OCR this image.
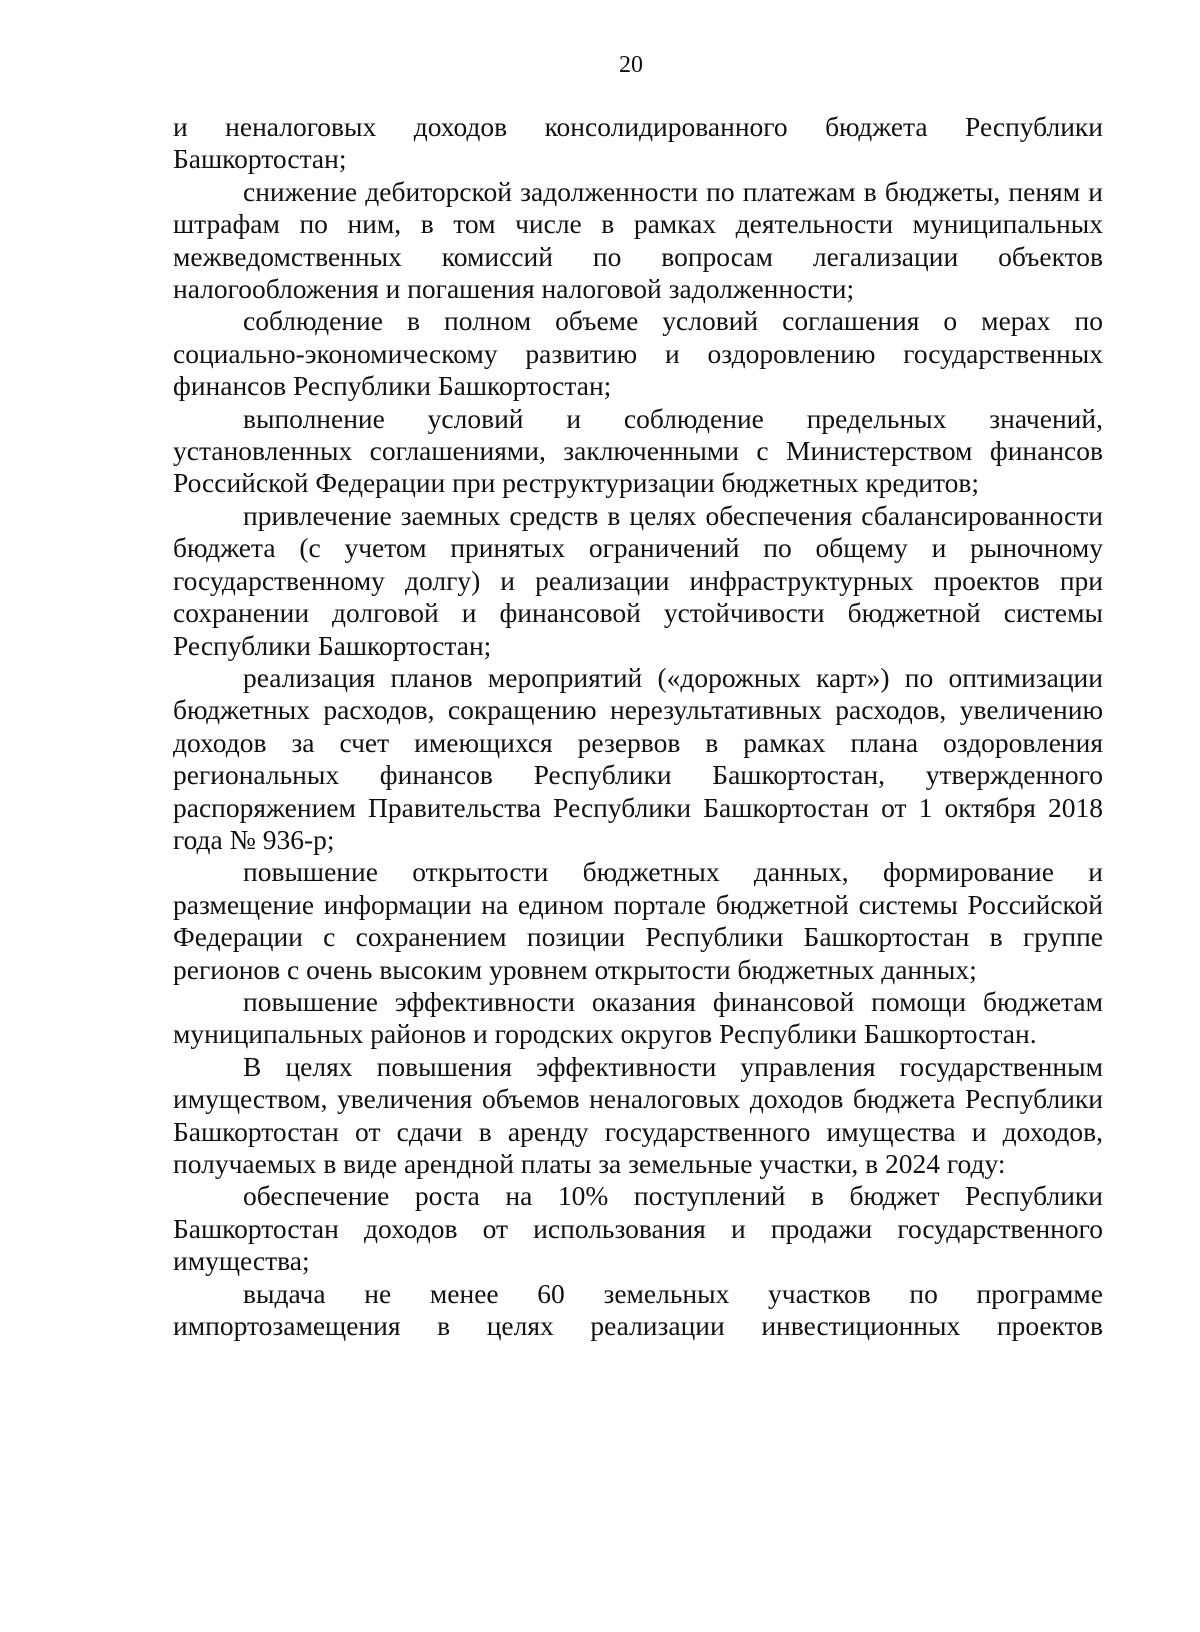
20

и неналоговых доходов консолидированного бюджета Республики Башкортостан;

снижение дебиторской задолженности по платежам в бюджеты, пеням и штрафам по ним, в том числе в рамках деятельности муниципальных межведомственных комиссий по вопросам легализации объектов налогообложения и погашения налоговой задолженности;

соблюдение в полном объеме условий соглашения о мерах по социально-экономическому развитию и оздоровлению государственных финансов Республики Башкортостан;

выполнение условий и соблюдение предельных значений, установленных соглашениями, заключенными с Министерством финансов Российской Федерации при реструктуризации бюджетных кредитов;

привлечение заемных средств в целях обеспечения сбалансированности бюджета (с учетом принятых ограничений по общему и рыночному государственному долгу) и реализации инфраструктурных проектов при сохранении долговой и финансовой устойчивости бюджетной системы Республики Башкортостан;

реализация планов мероприятий («дорожных карт») по оптимизации бюджетных расходов, сокращению нерезультативных расходов, увеличению доходов за счет имеющихся резервов в рамках плана оздоровления региональных финансов Республики Башкортостан, утвержденного распоряжением Правительства Республики Башкортостан от 1 октября 2018 года № 936-р;

повышение открытости бюджетных данных, формирование и размещение информации на едином портале бюджетной системы Российской Федерации с сохранением позиции Республики Башкортостан в группе регионов с очень высоким уровнем открытости бюджетных данных;

повышение эффективности оказания финансовой помощи бюджетам муниципальных районов и городских округов Республики Башкортостан.

В целях повышения эффективности управления государственным имуществом, увеличения объемов неналоговых доходов бюджета Республики Башкортостан от сдачи в аренду государственного имущества и доходов, получаемых в виде арендной платы за земельные участки, в 2024 году:

обеспечение роста на 10% поступлений в бюджет Республики Башкортостан доходов от использования и продажи государственного имущества;

выдача не менее 60 земельных участков по программе импортозамещения в целях реализации инвестиционных проектов
